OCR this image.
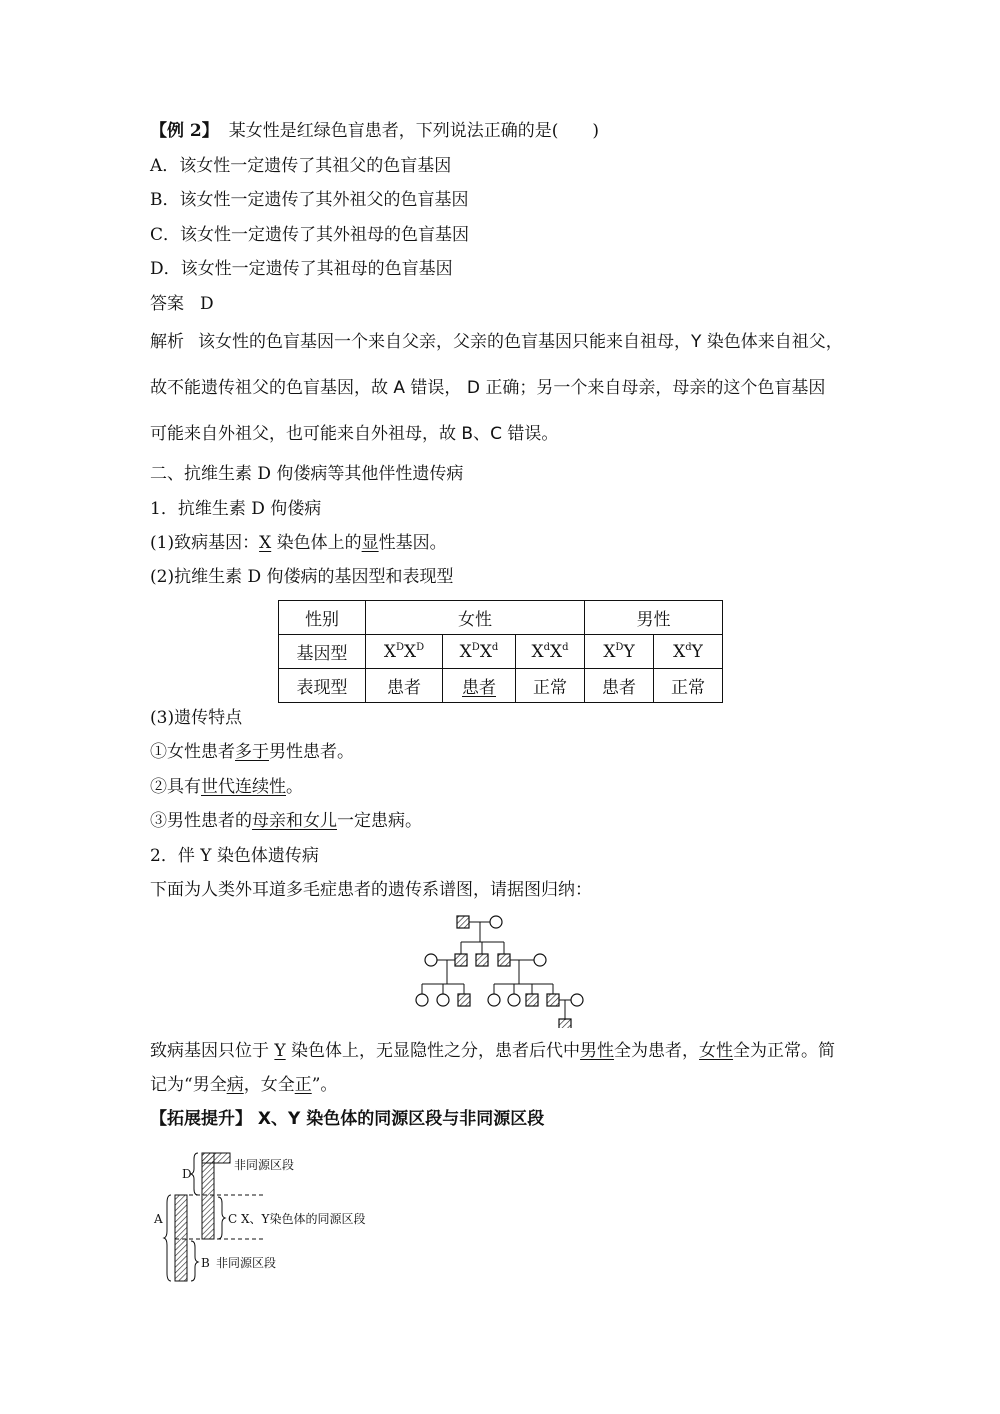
【例 2】 某女性是红绿色盲患者，下列说法正确的是(　　)
A．该女性一定遗传了其祖父的色盲基因
B．该女性一定遗传了其外祖父的色盲基因
C．该女性一定遗传了其外祖母的色盲基因
D．该女性一定遗传了其祖母的色盲基因
答案 D
解析 该女性的色盲基因一个来自父亲，父亲的色盲基因只能来自祖母，Y 染色体来自祖父，
故不能遗传祖父的色盲基因，故 A 错误， D 正确；另一个来自母亲，母亲的这个色盲基因
可能来自外祖父，也可能来自外祖母，故 B、C 错误。
二、抗维生素 D 佝偻病等其他伴性遗传病
1．抗维生素 D 佝偻病
(1)致病基因：X 染色体上的显性基因。
(2)抗维生素 D 佝偻病的基因型和表现型
性别	女性			男性	
基因型	$X^DX^D$	$X^DX^d$	$X^dX^d$	$X^DY$	$X^dY$
表现型	患者	患者	正常	患者	正常
(3)遗传特点
①女性患者多于男性患者。
②具有世代连续性。
③男性患者的母亲和女儿一定患病。
2．伴 Y 染色体遗传病
下面为人类外耳道多毛症患者的遗传系谱图，请据图归纳：
致病基因只位于 Y 染色体上，无显隐性之分，患者后代中男性全为患者，女性全为正常。简
记为“男全病，女全正”。
【拓展提升】 X、Y 染色体的同源区段与非同源区段
D
A	C
B
非同源区段
X、Y染色体的同源区段
非同源区段
